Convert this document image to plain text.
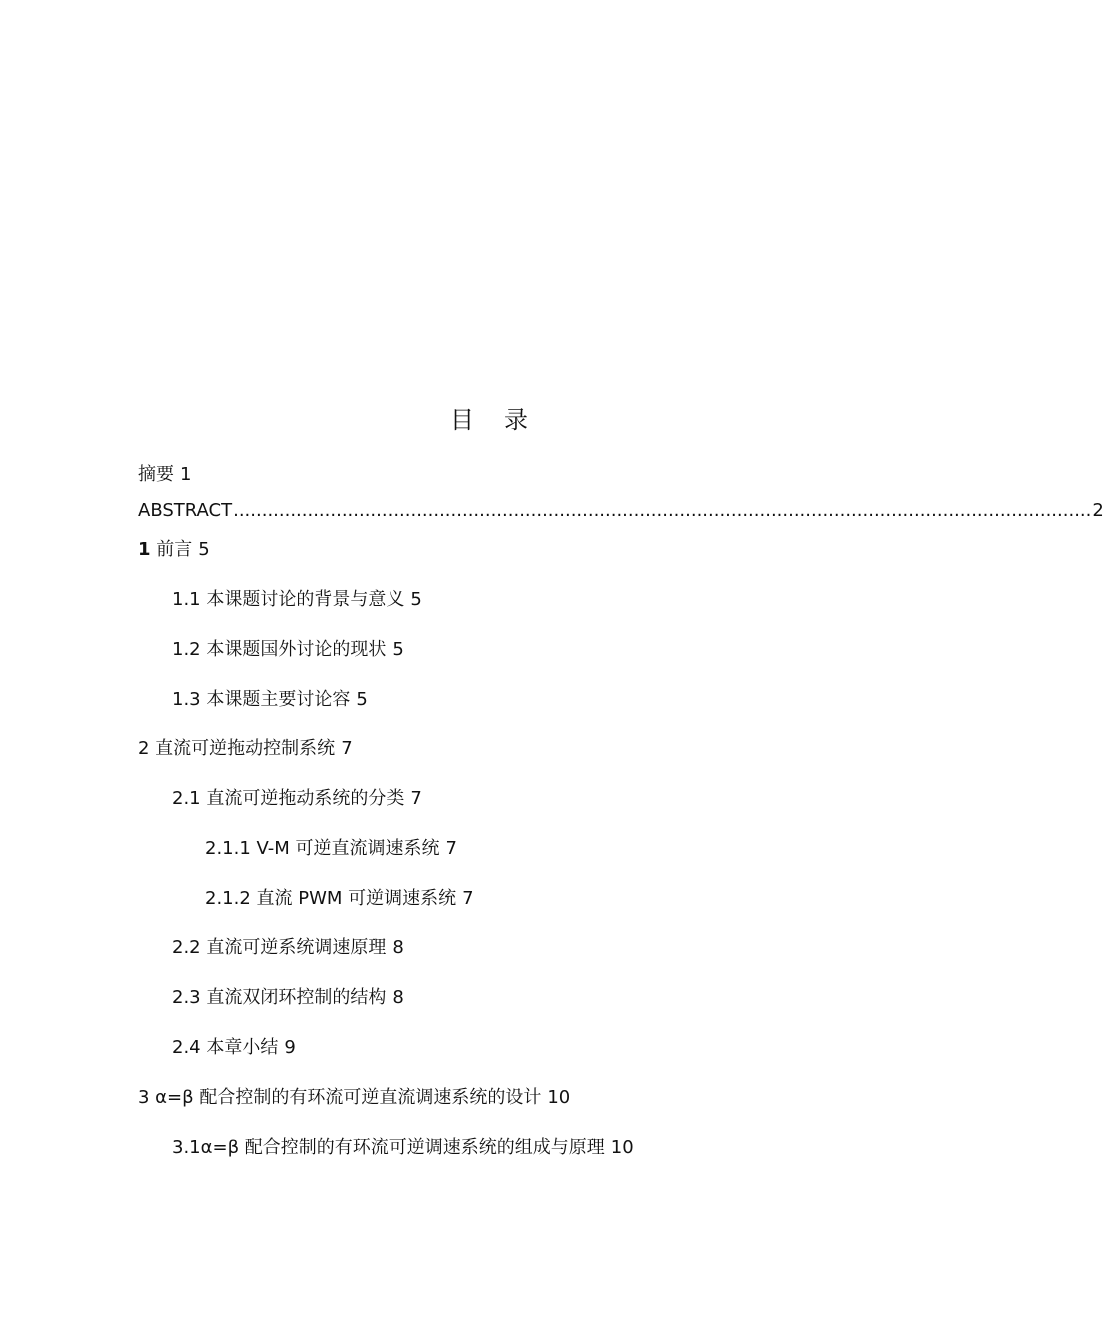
目 录
摘要 1
ABSTRACT ...................................................................................................................................................... 2
1 前言 5
1.1 本课题讨论的背景与意义 5
1.2 本课题国外讨论的现状 5
1.3 本课题主要讨论容 5
2 直流可逆拖动控制系统 7
2.1 直流可逆拖动系统的分类 7
2.1.1 V-M 可逆直流调速系统 7
2.1.2 直流 PWM 可逆调速系统 7
2.2 直流可逆系统调速原理 8
2.3 直流双闭环控制的结构 8
2.4 本章小结 9
3 α=β 配合控制的有环流可逆直流调速系统的设计 10
3.1α=β 配合控制的有环流可逆调速系统的组成与原理 10
